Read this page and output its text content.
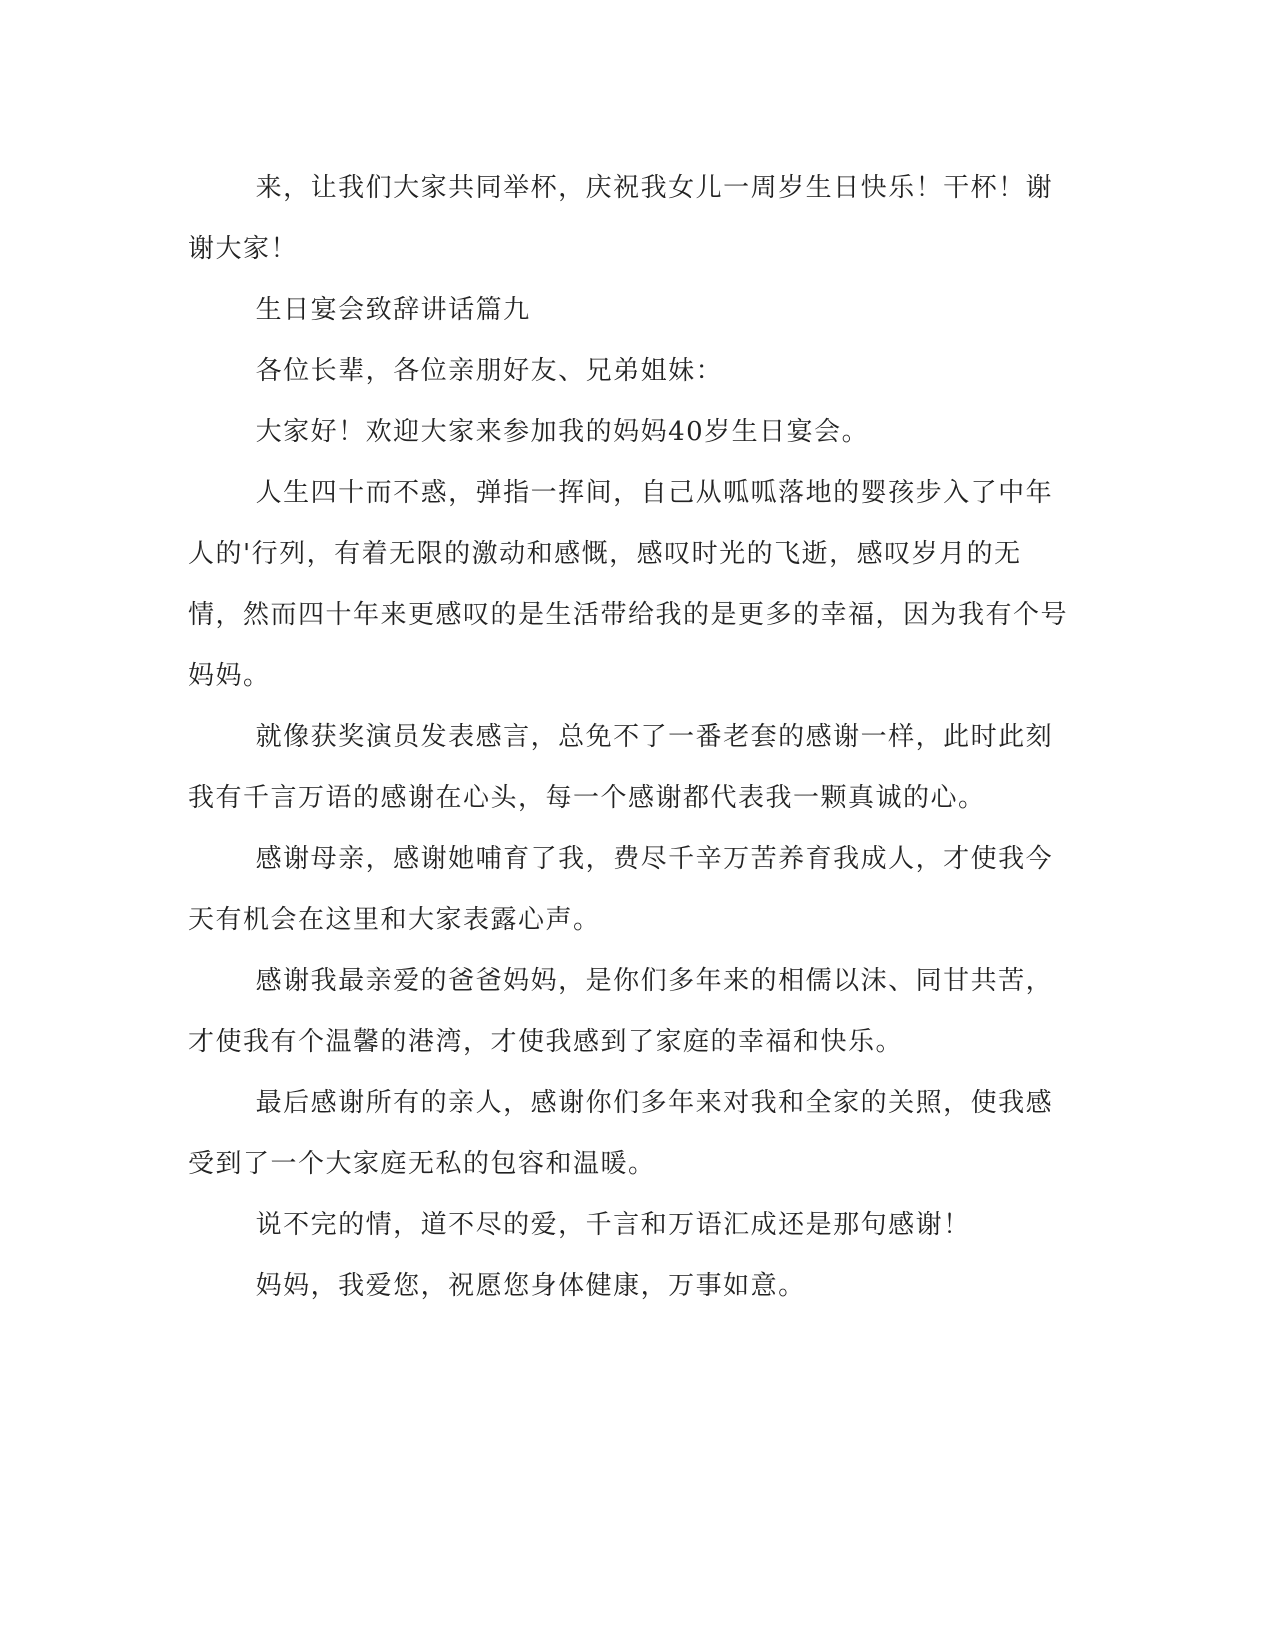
来，让我们大家共同举杯，庆祝我女儿一周岁生日快乐！干杯！谢谢大家！

生日宴会致辞讲话篇九

各位长辈，各位亲朋好友、兄弟姐妹：

大家好！欢迎大家来参加我的妈妈40岁生日宴会。

人生四十而不惑，弹指一挥间，自己从呱呱落地的婴孩步入了中年人的'行列，有着无限的激动和感慨，感叹时光的飞逝，感叹岁月的无情，然而四十年来更感叹的是生活带给我的是更多的幸福，因为我有个号妈妈。

就像获奖演员发表感言，总免不了一番老套的感谢一样，此时此刻我有千言万语的感谢在心头，每一个感谢都代表我一颗真诚的心。

感谢母亲，感谢她哺育了我，费尽千辛万苦养育我成人，才使我今天有机会在这里和大家表露心声。

感谢我最亲爱的爸爸妈妈，是你们多年来的相儒以沫、同甘共苦，才使我有个温馨的港湾，才使我感到了家庭的幸福和快乐。

最后感谢所有的亲人，感谢你们多年来对我和全家的关照，使我感受到了一个大家庭无私的包容和温暖。

说不完的情，道不尽的爱，千言和万语汇成还是那句感谢！

妈妈，我爱您，祝愿您身体健康，万事如意。
